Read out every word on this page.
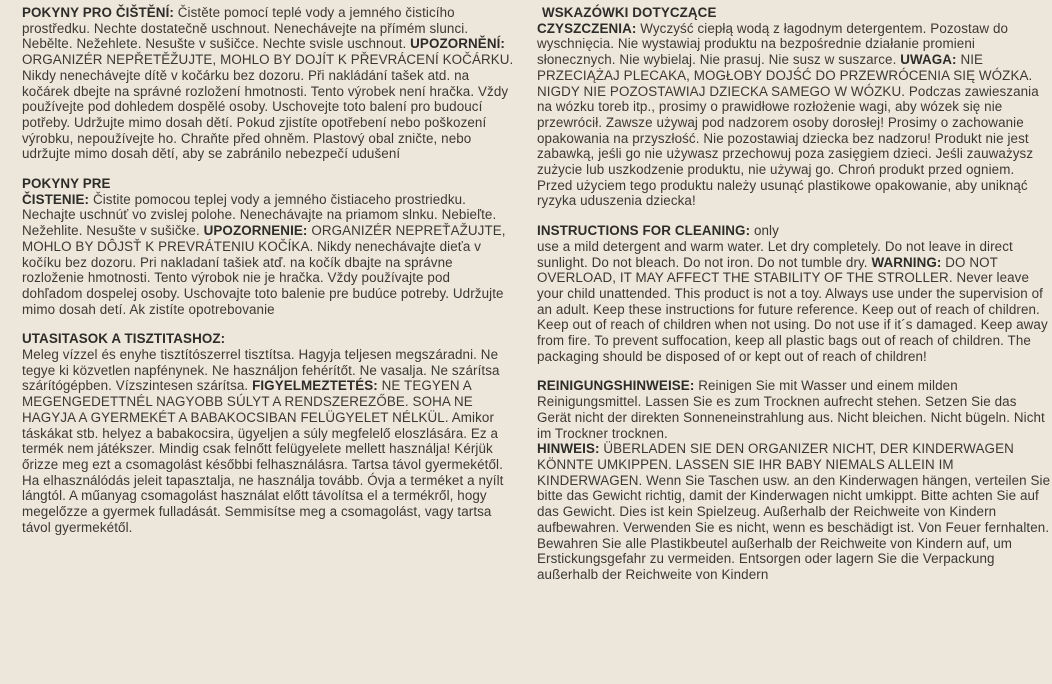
POKYNY PRO ČIŠTĚNÍ: Čistěte pomocí teplé vody a jemného čisticího prostředku. Nechte dostatečně uschnout. Nenechávejte na přímém slunci. Nebělte. Nežehlete. Nesušte v sušičce. Nechte svisle uschnout. UPOZORNĚNÍ: ORGANIZÉR NEPŘETĚŽUJTE, MOHLO BY DOJÍT K PŘEVRÁCENÍ KOČÁRKU. Nikdy nenechávejte dítě v kočárku bez dozoru. Při nakládání tašek atd. na kočárek dbejte na správné rozložení hmotnosti. Tento výrobek není hračka. Vždy používejte pod dohledem dospělé osoby. Uschovejte toto balení pro budoucí potřeby. Udržujte mimo dosah dětí. Pokud zjistíte opotřebení nebo poškození výrobku, nepoužívejte ho. Chraňte před ohněm. Plastový obal zničte, nebo udržujte mimo dosah dětí, aby se zabránilo nebezpečí udušení

POKYNY PRE
ČISTENIE: Čistite pomocou teplej vody a jemného čistiaceho prostriedku. Nechajte uschnúť vo zvislej polohe. Nenechávajte na priamom slnku. Nebieľte. Nežehlite. Nesušte v sušičke. UPOZORNENIE: ORGANIZÉR NEPREŤAŽUJTE, MOHLO BY DÔJSŤ K PREVRÁTENIU KOČÍKA. Nikdy nenechávajte dieťa v kočíku bez dozoru. Pri nakladaní tašiek atď. na kočík dbajte na správne rozloženie hmotnosti. Tento výrobok nie je hračka. Vždy používajte pod dohľadom dospelej osoby. Uschovajte toto balenie pre budúce potreby. Udržujte mimo dosah detí. Ak zistíte opotrebovanie

UTASITASOK A TISZTITASHOZ:
Meleg vízzel és enyhe tisztítószerrel tisztítsa. Hagyja teljesen megszáradni. Ne tegye ki közvetlen napfénynek. Ne használjon fehérítőt. Ne vasalja. Ne szárítsa szárítógépben. Vízszintesen szárítsa. FIGYELMEZTETÉS: NE TEGYEN A MEGENGEDETTNÉL NAGYOBB SÚLYT A RENDSZEREZŐBE. SOHA NE HAGYJA A GYERMEKÉT A BABAKOCSIBAN FELÜGYELET NÉLKÜL. Amikor táskákat stb. helyez a babakocsira, ügyeljen a súly megfelelő eloszlására. Ez a termék nem játékszer. Mindig csak felnőtt felügyelete mellett használja! Kérjük őrizze meg ezt a csomagolást későbbi felhasználásra. Tartsa távol gyermekétől. Ha elhasználódás jeleit tapasztalja, ne használja tovább. Óvja a terméket a nyílt lángtól. A műanyag csomagolást használat előtt távolítsa el a termékről, hogy megelőzze a gyermek fulladását. Semmisítse meg a csomagolást, vagy tartsa távol gyermekétől.

WSKAZÓWKI DOTYCZĄCE
CZYSZCZENIA: Wyczyść ciepłą wodą z łagodnym detergentem. Pozostaw do wyschnięcia. Nie wystawiaj produktu na bezpośrednie działanie promieni słonecznych. Nie wybielaj. Nie prasuj. Nie susz w suszarce. UWAGA: NIE PRZECIĄŻAJ PLECAKA, MOGŁOBY DOJŚĆ DO PRZEWRÓCENIA SIĘ WÓZKA. NIGDY NIE POZOSTAWIAJ DZIECKA SAMEGO W WÓZKU. Podczas zawieszania na wózku toreb itp., prosimy o prawidłowe rozłożenie wagi, aby wózek się nie przewrócił. Zawsze używaj pod nadzorem osoby dorosłej! Prosimy o zachowanie opakowania na przyszłość. Nie pozostawiaj dziecka bez nadzoru! Produkt nie jest zabawką, jeśli go nie używasz przechowuj poza zasięgiem dzieci. Jeśli zauważysz zużycie lub uszkodzenie produktu, nie używaj go. Chroń produkt przed ogniem. Przed użyciem tego produktu należy usunąć plastikowe opakowanie, aby uniknąć ryzyka uduszenia dziecka!

INSTRUCTIONS FOR CLEANING: only
use a mild detergent and warm water. Let dry completely. Do not leave in direct sunlight. Do not bleach. Do not iron. Do not tumble dry. WARNING: DO NOT OVERLOAD, IT MAY AFFECT THE STABILITY OF THE STROLLER. Never leave your child unattended. This product is not a toy. Always use under the supervision of an adult. Keep these instructions for future reference. Keep out of reach of children. Keep out of reach of children when not using. Do not use if it´s damaged. Keep away from fire. To prevent suffocation, keep all plastic bags out of reach of children. The packaging should be disposed of or kept out of reach of children!

REINIGUNGSHINWEISE: Reinigen Sie mit Wasser und einem milden Reinigungsmittel. Lassen Sie es zum Trocknen aufrecht stehen. Setzen Sie das Gerät nicht der direkten Sonneneinstrahlung aus. Nicht bleichen. Nicht bügeln. Nicht im Trockner trocknen.
HINWEIS: ÜBERLADEN SIE DEN ORGANIZER NICHT, DER KINDERWAGEN KÖNNTE UMKIPPEN. LASSEN SIE IHR BABY NIEMALS ALLEIN IM KINDERWAGEN. Wenn Sie Taschen usw. an den Kinderwagen hängen, verteilen Sie bitte das Gewicht richtig, damit der Kinderwagen nicht umkippt. Bitte achten Sie auf das Gewicht. Dies ist kein Spielzeug. Außerhalb der Reichweite von Kindern aufbewahren. Verwenden Sie es nicht, wenn es beschädigt ist. Von Feuer fernhalten. Bewahren Sie alle Plastikbeutel außerhalb der Reichweite von Kindern auf, um Erstickungsgefahr zu vermeiden. Entsorgen oder lagern Sie die Verpackung außerhalb der Reichweite von Kindern
